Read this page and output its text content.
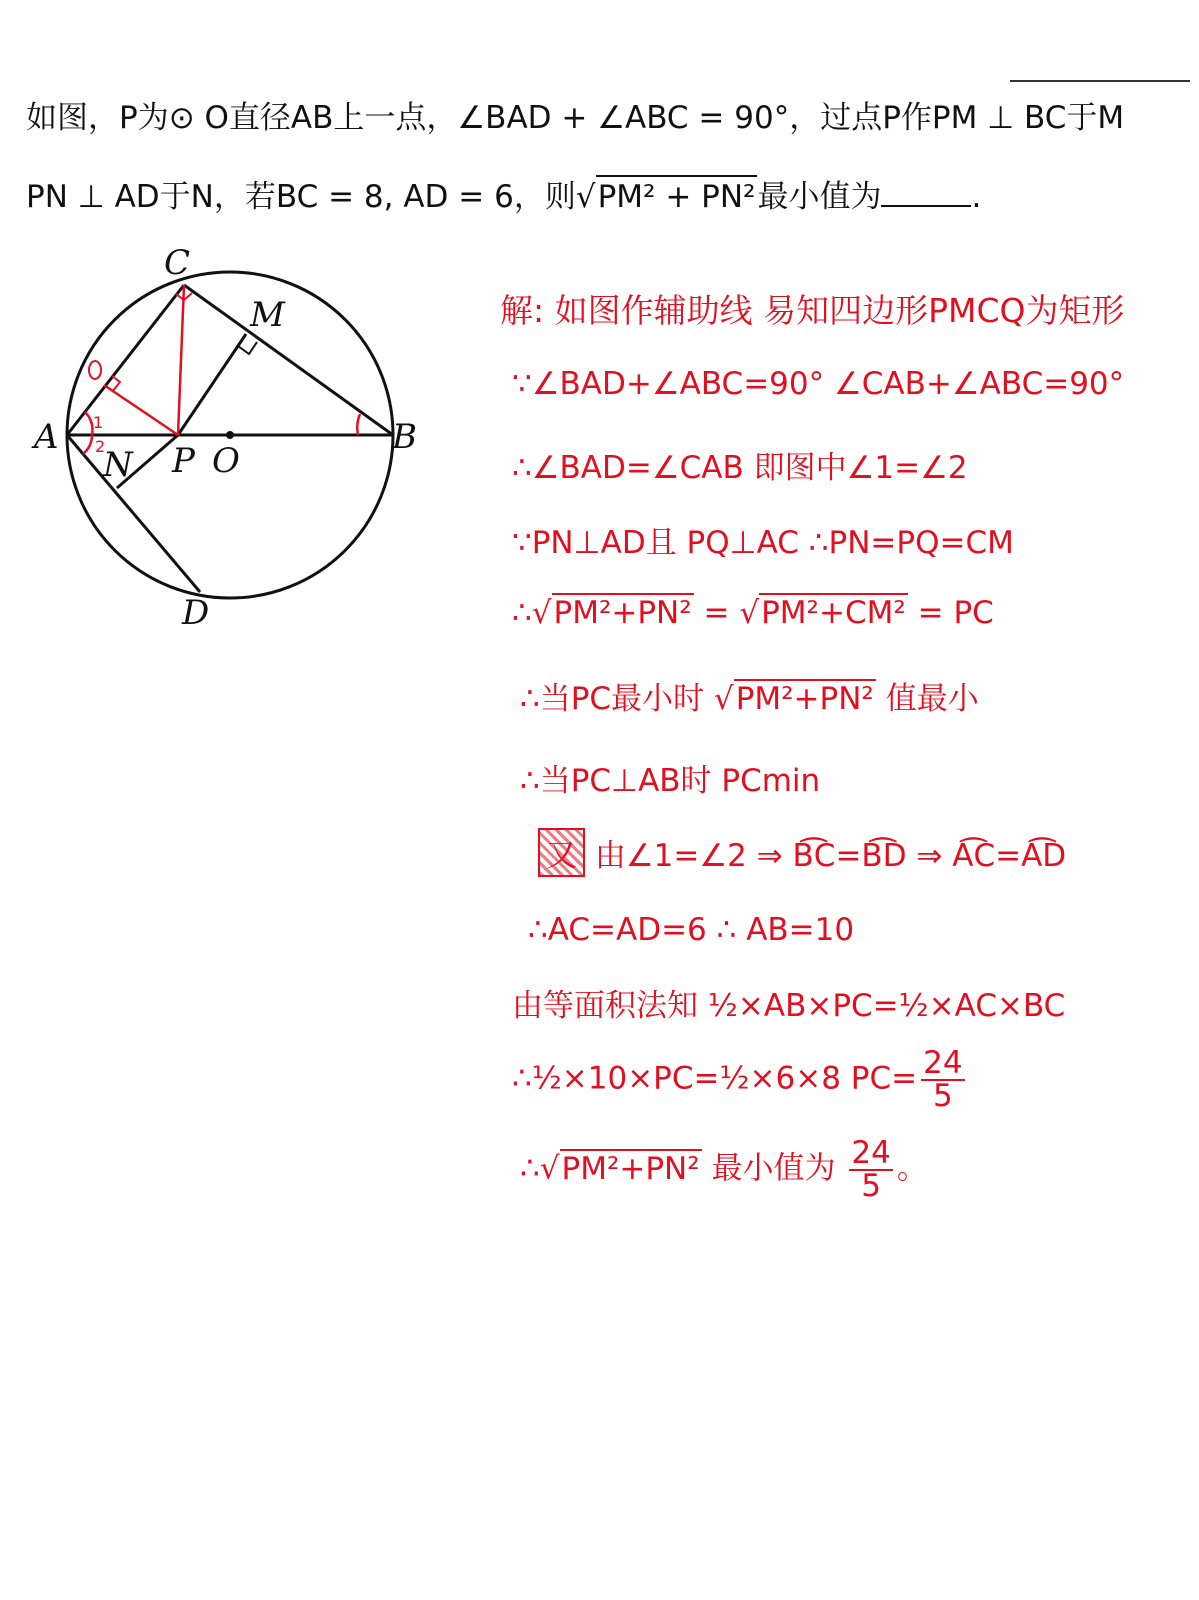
如图，P为⊙ O直径AB上一点，∠BAD + ∠ABC = 90°，过点P作PM ⊥ BC于M
PN ⊥ AD于N，若BC = 8, AD = 6，则√PM² + PN²最小值为	.
C
M
A	B
N P O
D
1
2
解: 如图作辅助线 易知四边形PMCQ为矩形
∵∠BAD+∠ABC=90° ∠CAB+∠ABC=90°
∴∠BAD=∠CAB 即图中∠1=∠2
∵PN⊥AD且 PQ⊥AC ∴PN=PQ=CM
∴√PM²+PN² = √PM²+CM² = PC
∴当PC最小时 √PM²+PN² 值最小
∴当PC⊥AB时 PCmin
又 由∠1=∠2 ⇒ B͡C=B͡D ⇒ A͡C=A͡D
∴AC=AD=6 ∴ AB=10
由等面积法知 ½×AB×PC=½×AC×BC
∴½×10×PC=½×6×8 $PC= \frac{24}{5}$
∴√PM²+PN² 最小值为 $\frac{24}{5}$ 。
